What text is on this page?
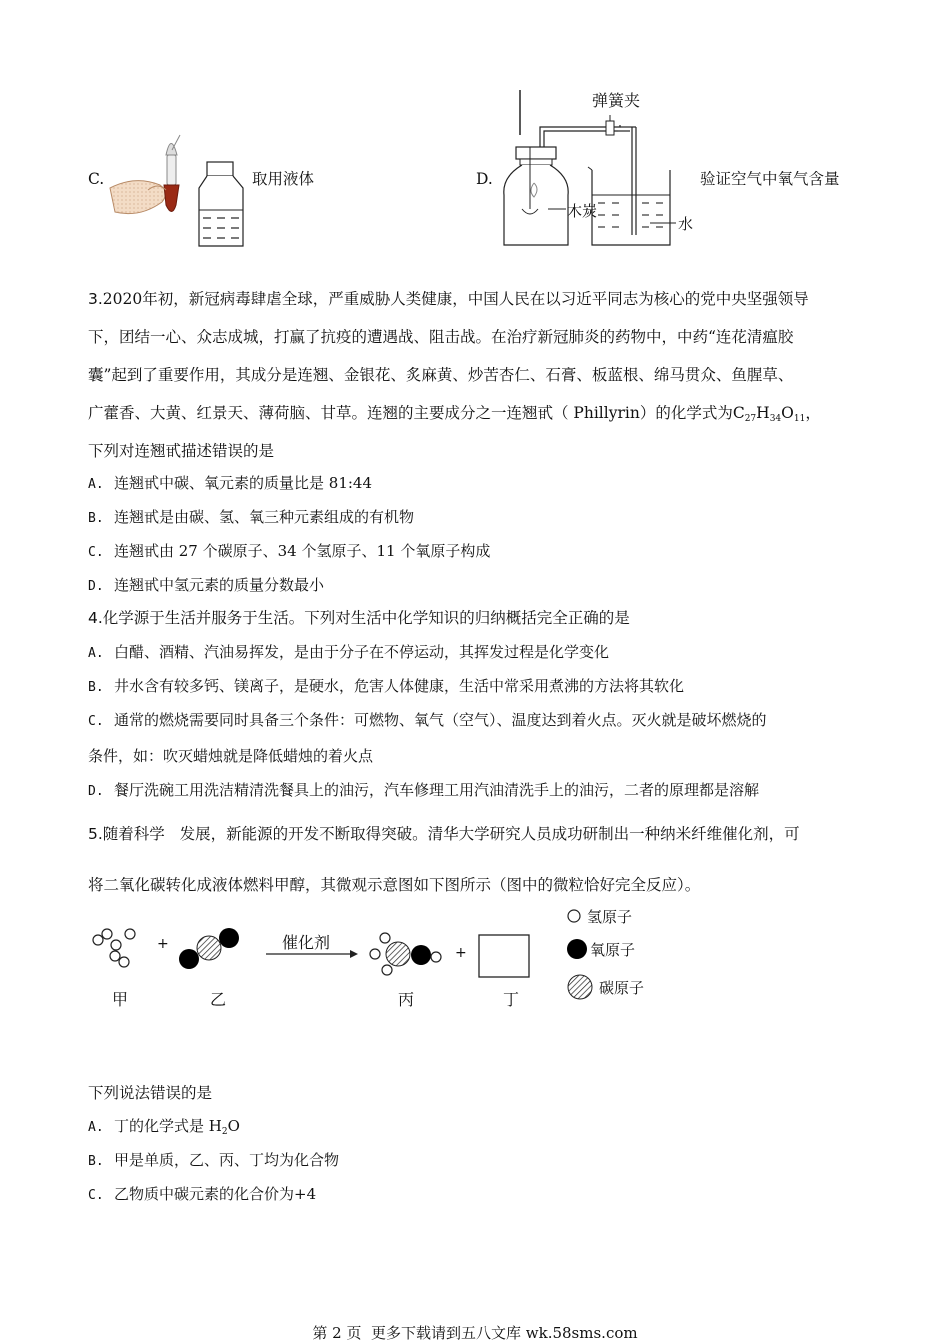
C.	取用液体	D.
弹簧夹
木炭
水
验证空气中氧气含量
3.2020年初，新冠病毒肆虐全球，严重威胁人类健康，中国人民在以习近平同志为核心的党中央坚强领导
下，团结一心、众志成城，打赢了抗疫的遭遇战、阻击战。在治疗新冠肺炎的药物中，中药“连花清瘟胶
囊”起到了重要作用，其成分是连翘、金银花、炙麻黄、炒苦杏仁、石膏、板蓝根、绵马贯众、鱼腥草、
广藿香、大黄、红景天、薄荷脑、甘草。连翘的主要成分之一连翘甙（ Phillyrin）的化学式为$C_{27}H_{34}O_{11}$，
下列对连翘甙描述错误的是
A. 连翘甙中碳、氧元素的质量比是 81:44
B. 连翘甙是由碳、氢、氧三种元素组成的有机物
C. 连翘甙由 27 个碳原子、34 个氢原子、11 个氧原子构成
D. 连翘甙中氢元素的质量分数最小
4.化学源于生活并服务于生活。下列对生活中化学知识的归纳概括完全正确的是
A. 白醋、酒精、汽油易挥发，是由于分子在不停运动，其挥发过程是化学变化
B. 井水含有较多钙、镁离子，是硬水，危害人体健康，生活中常采用煮沸的方法将其软化
C. 通常的燃烧需要同时具备三个条件：可燃物、氧气（空气）、温度达到着火点。灭火就是破坏燃烧的
条件，如：吹灭蜡烛就是降低蜡烛的着火点
D. 餐厅洗碗工用洗洁精清洗餐具上的油污，汽车修理工用汽油清洗手上的油污，二者的原理都是溶解
5.随着科学   发展，新能源的开发不断取得突破。清华大学研究人员成功研制出一种纳米纤维催化剂，可
将二氧化碳转化成液体燃料甲醇，其微观示意图如下图所示（图中的微粒恰好完全反应）。
+
+
催化剂
甲	乙	丙	丁
氢原子
氧原子
碳原子
下列说法错误的是
A. 丁的化学式是 $H_2O$
B. 甲是单质，乙、丙、丁均为化合物
C. 乙物质中碳元素的化合价为+4
第 2 页  更多下载请到五八文库 wk.58sms.com
